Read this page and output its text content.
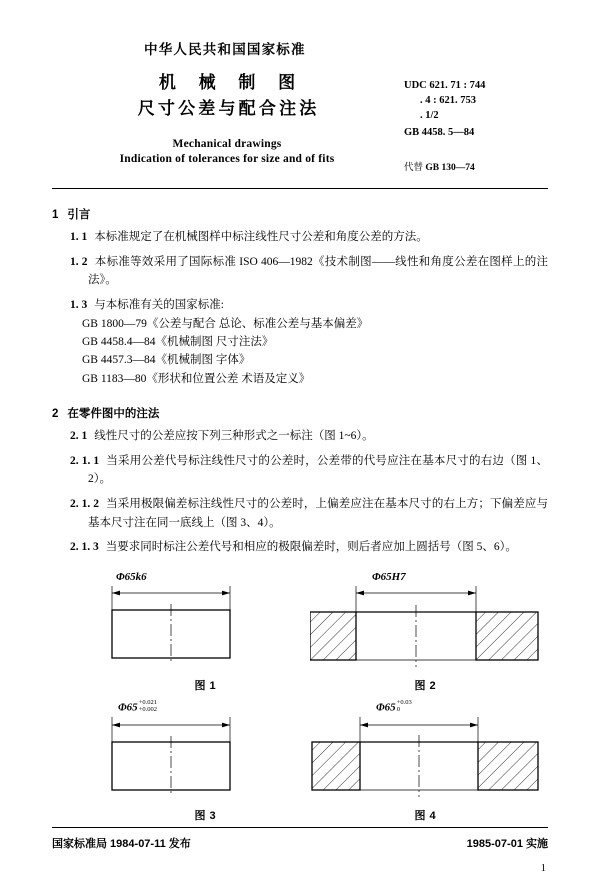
中华人民共和国国家标准
机 械 制 图
尺寸公差与配合注法
Mechanical drawings
Indication of tolerances for size and of fits
UDC 621. 71 : 744
. 4 : 621. 753
. 1/2
GB 4458. 5—84
代替 GB 130—74
1 引言
1. 1 本标准规定了在机械图样中标注线性尺寸公差和角度公差的方法。
1. 2 本标准等效采用了国际标准 ISO 406—1982《技术制图——线性和角度公差在图样上的注法》。
1. 3 与本标准有关的国家标准:
GB 1800—79《公差与配合 总论、标准公差与基本偏差》
GB 4458.4—84《机械制图 尺寸注法》
GB 4457.3—84《机械制图 字体》
GB 1183—80《形状和位置公差 术语及定义》
2 在零件图中的注法
2. 1 线性尺寸的公差应按下列三种形式之一标注（图 1~6）。
2. 1. 1 当采用公差代号标注线性尺寸的公差时，公差带的代号应注在基本尺寸的右边（图 1、2）。
2. 1. 2 当采用极限偏差标注线性尺寸的公差时，上偏差应注在基本尺寸的右上方；下偏差应与基本尺寸注在同一底线上（图 3、4）。
2. 1. 3 当要求同时标注公差代号和相应的极限偏差时，则后者应加上圆括号（图 5、6）。
Φ65k6
图 1
Φ65H7
图 2
Φ65 +0.021
+0.002
图 3
Φ65 +0.03
0
图 4
国家标准局 1984-07-11 发布	1985-07-01 实施
1
